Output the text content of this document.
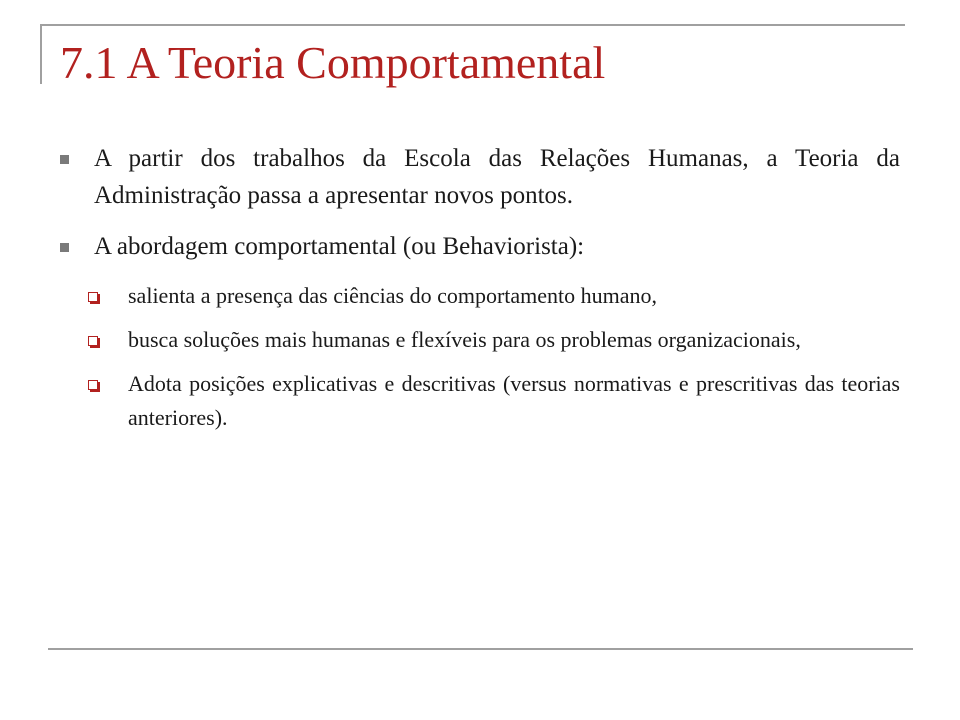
7.1 A Teoria Comportamental
A partir dos trabalhos da Escola das Relações Humanas, a Teoria da Administração passa a apresentar novos pontos.
A abordagem comportamental (ou Behaviorista):
salienta a presença das ciências do comportamento humano,
busca soluções mais humanas e flexíveis para os problemas organizacionais,
Adota posições explicativas e descritivas (versus normativas e prescritivas das teorias anteriores).
